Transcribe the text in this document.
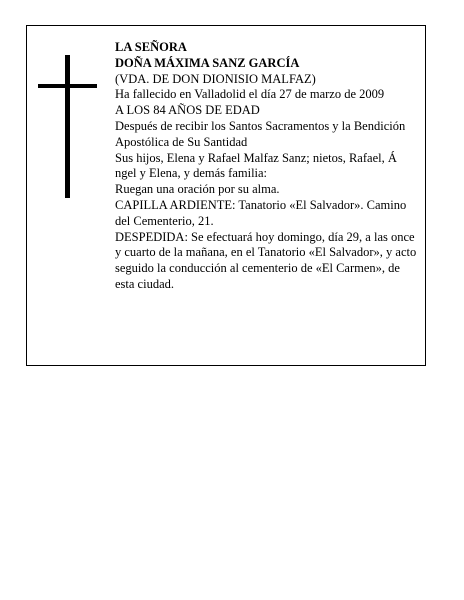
LA SEÑORA
DOÑA MÁXIMA SANZ GARCÍA
(VDA. DE DON DIONISIO MALFAZ)
Ha fallecido en Valladolid el día 27 de marzo de 2009
A LOS 84 AÑOS DE EDAD
Después de recibir los Santos Sacramentos y la Bendición Apostólica de Su Santidad
Sus hijos, Elena y Rafael Malfaz Sanz; nietos, Rafael, Á ngel y Elena, y demás familia:
Ruegan una oración por su alma.
CAPILLA ARDIENTE: Tanatorio «El Salvador». Camino del Cementerio, 21.
DESPEDIDA: Se efectuará hoy domingo, día 29, a las once y cuarto de la mañana, en el Tanatorio «El Salvador», y acto seguido la conducción al cementerio de «El Carmen», de esta ciudad.
